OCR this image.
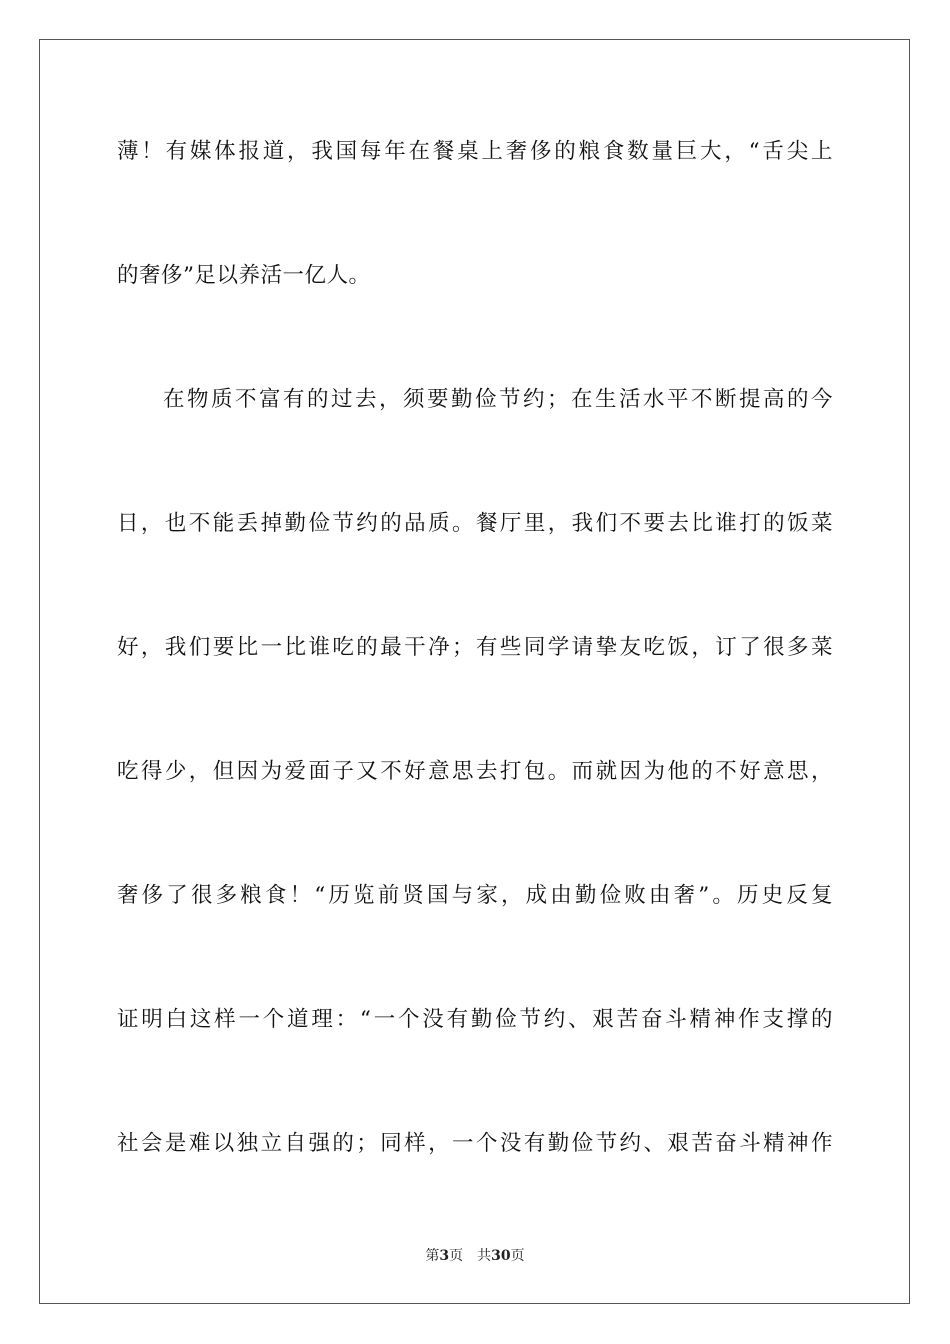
薄！有媒体报道，我国每年在餐桌上奢侈的粮食数量巨大，“舌尖上
的奢侈”足以养活一亿人。
在物质不富有的过去，须要勤俭节约；在生活水平不断提高的今
日，也不能丢掉勤俭节约的品质。餐厅里，我们不要去比谁打的饭菜
好，我们要比一比谁吃的最干净；有些同学请挚友吃饭，订了很多菜
吃得少，但因为爱面子又不好意思去打包。而就因为他的不好意思，
奢侈了很多粮食！“历览前贤国与家，成由勤俭败由奢”。历史反复
证明白这样一个道理：“一个没有勤俭节约、艰苦奋斗精神作支撑的
社会是难以独立自强的；同样，一个没有勤俭节约、艰苦奋斗精神作
第3页 共30页
